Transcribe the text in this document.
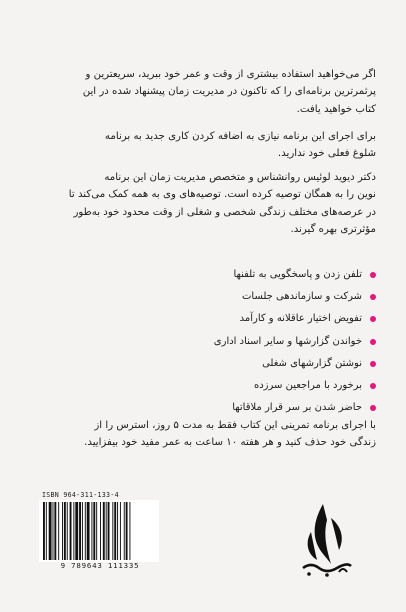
اگر می‌خواهید استفاده بیشتری از وقت و عمر خود ببرید، سریعترین و

پرثمرترین برنامه‌ای را که تاکنون در مدیریت زمان پیشنهاد شده در این

کتاب خواهید یافت.

برای اجرای این برنامه نیازی به اضافه کردن کاری جدید به برنامه

شلوغ فعلی خود ندارید.

دکتر دیوید لوئیس روانشناس و متخصص مدیریت زمان این برنامه

نوین را به همگان توصیه کرده است. توصیه‌های وی به همه کمک می‌کند تا

در عرصه‌های مختلف زندگی شخصی و شغلی از وقت محدود خود به‌طور

مؤثرتری بهره گیرند.

تلفن زدن و پاسخگویی به تلفنها
شرکت و سازماندهی جلسات
تفویض اختیار عاقلانه و کارآمد
خواندن گزارشها و سایر اسناد اداری
نوشتن گزارشهای شغلی
برخورد با مراجعین سرزده
حاضر شدن بر سر قرار ملاقاتها

با اجرای برنامه تمرینی این کتاب فقط به مدت ۵ روز، استرس را از

زندگی خود حذف کنید و هر هفته ۱۰ ساعت به عمر مفید خود بیفزایید.

ISBN 964-311-133-4
9 789643 111335
